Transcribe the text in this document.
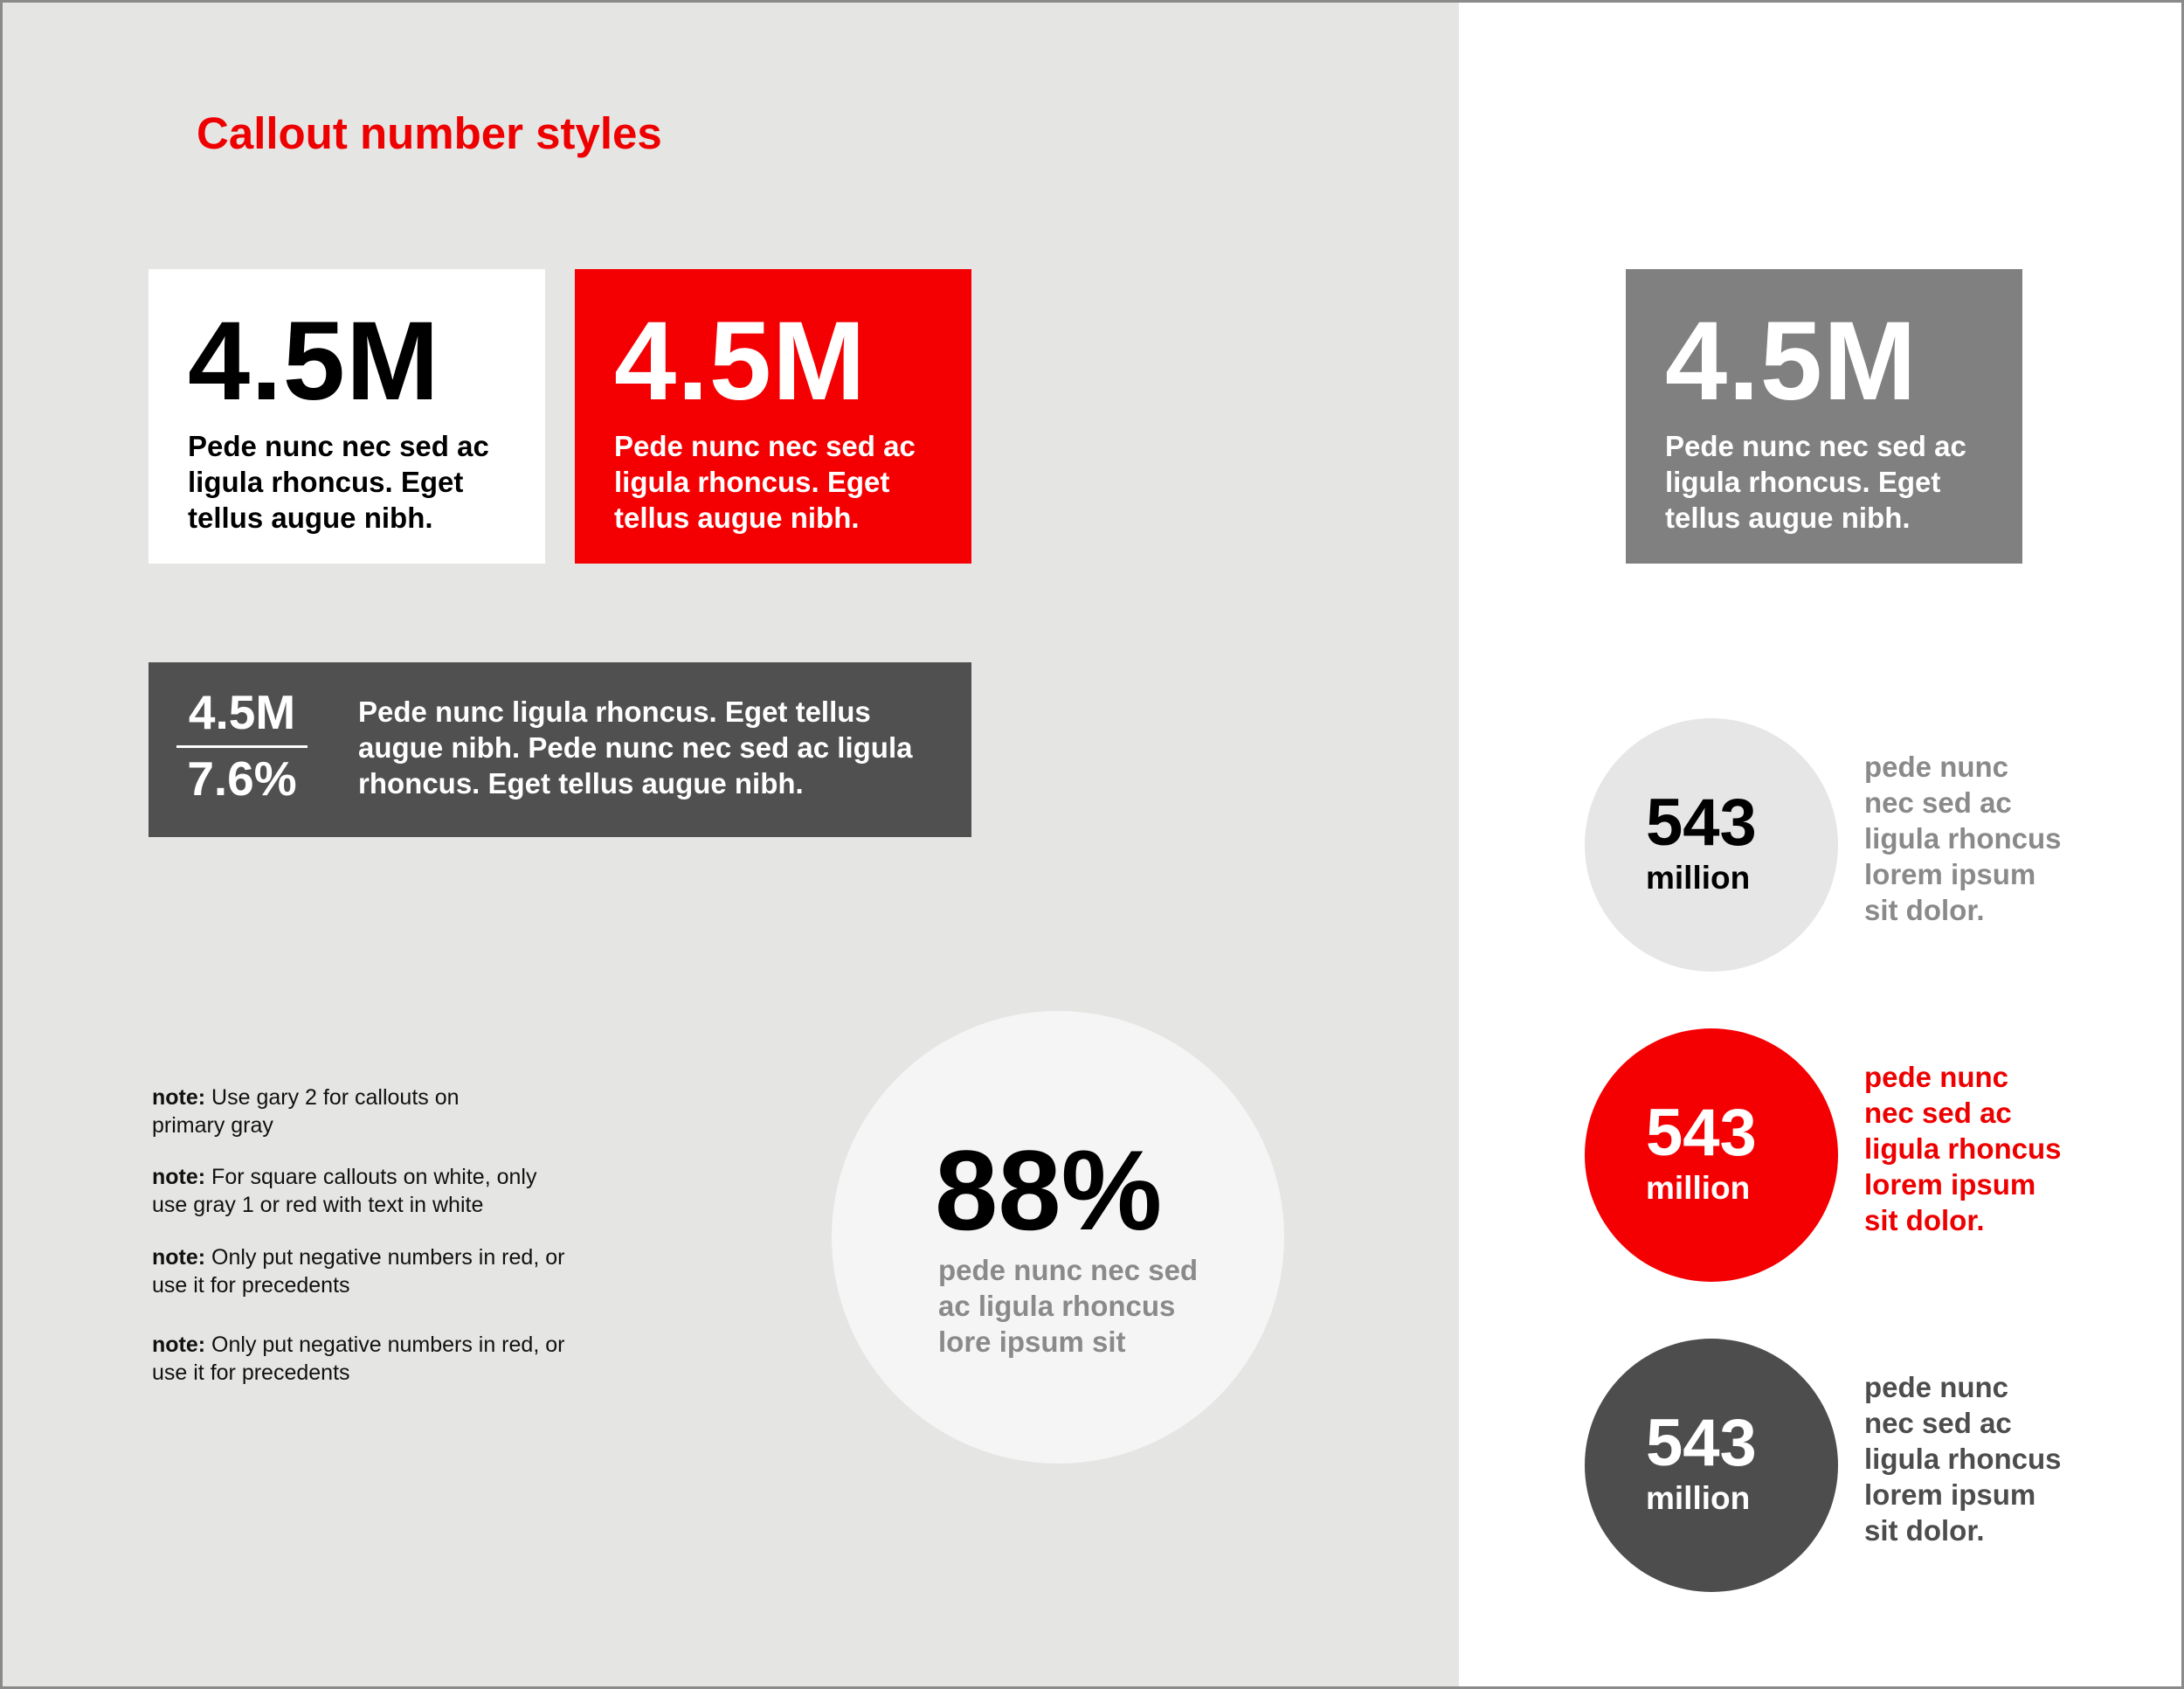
Callout number styles
4.5M
Pede nunc nec sed ac
ligula rhoncus. Eget
tellus augue nibh.
4.5M
Pede nunc nec sed ac
ligula rhoncus. Eget
tellus augue nibh.
4.5M
Pede nunc nec sed ac
ligula rhoncus. Eget
tellus augue nibh.
4.5M
7.6%
Pede nunc ligula rhoncus. Eget tellus
augue nibh. Pede nunc nec sed ac ligula
rhoncus. Eget tellus augue nibh.
note: Use gary 2 for callouts on
primary gray
note: For square callouts on white, only
use gray 1 or red with text in white
note: Only put negative numbers in red, or
use it for precedents
note: Only put negative numbers in red, or
use it for precedents
88%
pede nunc nec sed
ac ligula rhoncus
lore ipsum sit
543
million
pede nunc
nec sed ac
ligula rhoncus
lorem ipsum
sit dolor.
543
million
pede nunc
nec sed ac
ligula rhoncus
lorem ipsum
sit dolor.
543
million
pede nunc
nec sed ac
ligula rhoncus
lorem ipsum
sit dolor.
